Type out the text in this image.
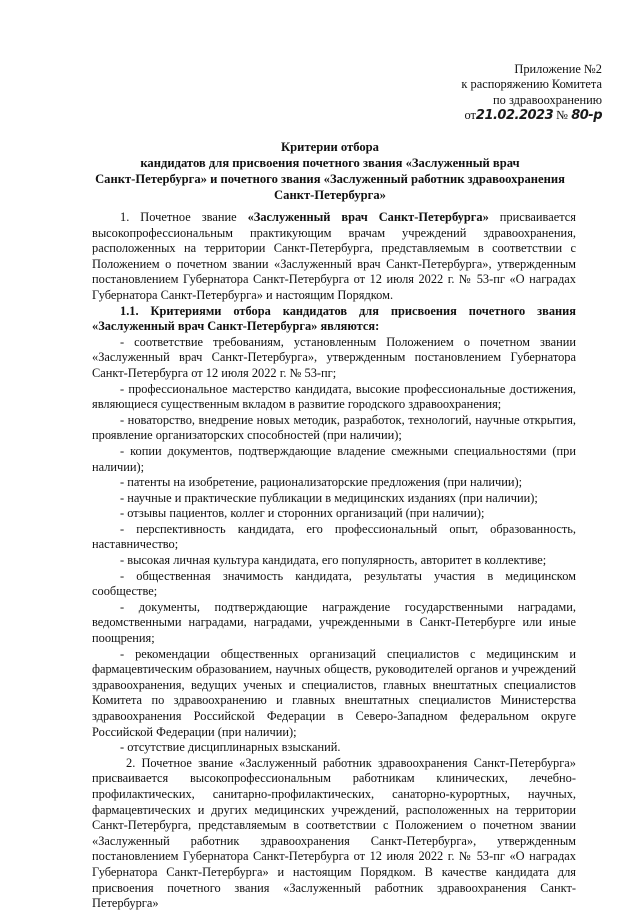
Приложение №2
к распоряжению Комитета
по здравоохранению
от21.02.2023 № 80-р
Критерии отбора
кандидатов для присвоения почетного звания «Заслуженный врач
Санкт-Петербурга» и почетного звания «Заслуженный работник здравоохранения
Санкт-Петербурга»

1. Почетное звание «Заслуженный врач Санкт-Петербурга» присваивается высокопрофессиональным практикующим врачам учреждений здравоохранения, расположенных на территории Санкт-Петербурга, представляемым в соответствии с Положением о почетном звании «Заслуженный врач Санкт-Петербурга», утвержденным постановлением Губернатора Санкт-Петербурга от 12 июля 2022 г. № 53-пг «О наградах Губернатора Санкт-Петербурга» и настоящим Порядком.

1.1. Критериями отбора кандидатов для присвоения почетного звания «Заслуженный врач Санкт-Петербурга» являются:

- соответствие требованиям, установленным Положением о почетном звании «Заслуженный врач Санкт-Петербурга», утвержденным постановлением Губернатора Санкт-Петербурга от 12 июля 2022 г. № 53-пг;

- профессиональное мастерство кандидата, высокие профессиональные достижения, являющиеся существенным вкладом в развитие городского здравоохранения;

- новаторство, внедрение новых методик, разработок, технологий, научные открытия, проявление организаторских способностей (при наличии);

- копии документов, подтверждающие владение смежными специальностями (при наличии);

- патенты на изобретение, рационализаторские предложения (при наличии);

- научные и практические публикации в медицинских изданиях (при наличии);

- отзывы пациентов, коллег и сторонних организаций (при наличии);

- перспективность кандидата, его профессиональный опыт, образованность, наставничество;

- высокая личная культура кандидата, его популярность, авторитет в коллективе;

- общественная значимость кандидата, результаты участия в медицинском сообществе;

- документы, подтверждающие награждение государственными наградами, ведомственными наградами, наградами, учрежденными в Санкт-Петербурге или иные поощрения;

- рекомендации общественных организаций специалистов с медицинским и фармацевтическим образованием, научных обществ, руководителей органов и учреждений здравоохранения, ведущих ученых и специалистов, главных внештатных специалистов Комитета по здравоохранению и главных внештатных специалистов Министерства здравоохранения Российской Федерации в Северо-Западном федеральном округе Российской Федерации (при наличии);

- отсутствие дисциплинарных взысканий.

2. Почетное звание «Заслуженный работник здравоохранения Санкт-Петербурга» присваивается высокопрофессиональным работникам клинических, лечебно-профилактических, санитарно-профилактических, санаторно-курортных, научных, фармацевтических и других медицинских учреждений, расположенных на территории Санкт-Петербурга, представляемым в соответствии с Положением о почетном звании «Заслуженный работник здравоохранения Санкт-Петербурга», утвержденным постановлением Губернатора Санкт-Петербурга от 12 июля 2022 г. № 53-пг «О наградах Губернатора Санкт-Петербурга» и настоящим Порядком. В качестве кандидата для присвоения почетного звания «Заслуженный работник здравоохранения Санкт-Петербурга»
